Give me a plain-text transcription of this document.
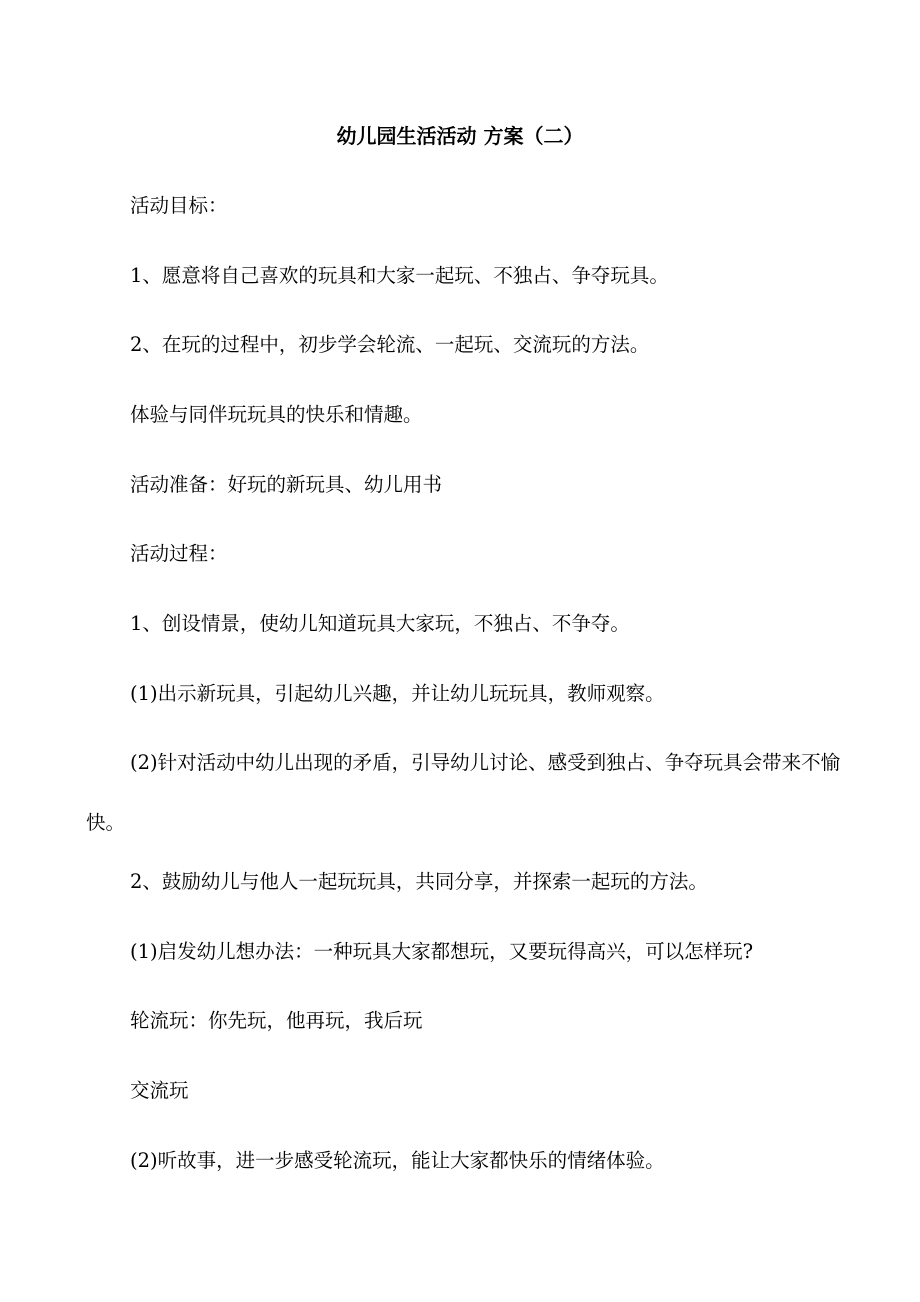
幼儿园生活活动 方案（二）
活动目标：
1、愿意将自己喜欢的玩具和大家一起玩、不独占、争夺玩具。
2、在玩的过程中，初步学会轮流、一起玩、交流玩的方法。
体验与同伴玩玩具的快乐和情趣。
活动准备：好玩的新玩具、幼儿用书
活动过程：
1、创设情景，使幼儿知道玩具大家玩，不独占、不争夺。
(1)出示新玩具，引起幼儿兴趣，并让幼儿玩玩具，教师观察。
(2)针对活动中幼儿出现的矛盾，引导幼儿讨论、感受到独占、争夺玩具会带来不愉快。
2、鼓励幼儿与他人一起玩玩具，共同分享，并探索一起玩的方法。
(1)启发幼儿想办法：一种玩具大家都想玩，又要玩得高兴，可以怎样玩?
轮流玩：你先玩，他再玩，我后玩
交流玩
(2)听故事，进一步感受轮流玩，能让大家都快乐的情绪体验。
